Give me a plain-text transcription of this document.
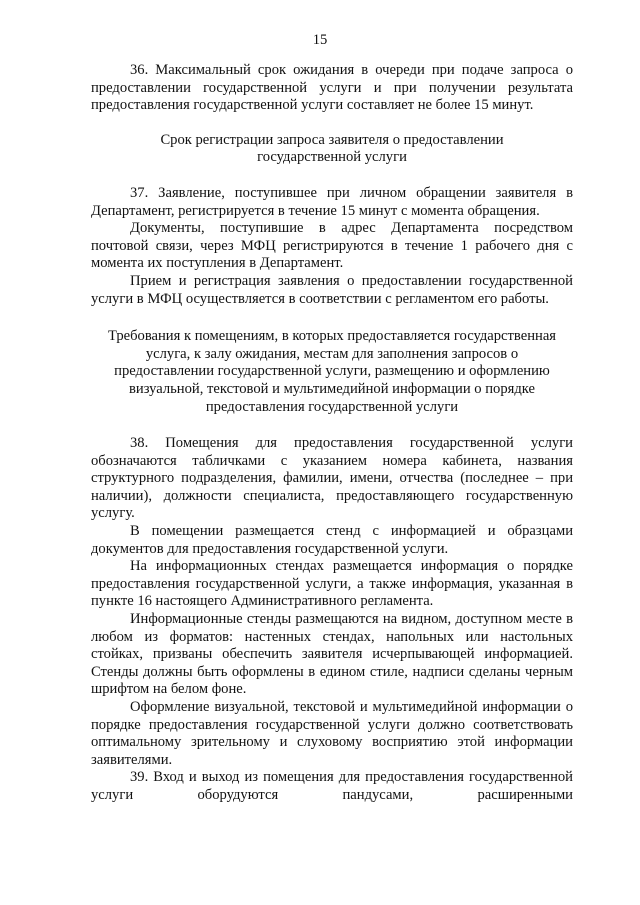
15

36. Максимальный срок ожидания в очереди при подаче запроса о предоставлении государственной услуги и при получении результата предоставления государственной услуги составляет не более 15 минут.

Срок регистрации запроса заявителя о предоставлении государственной услуги

37. Заявление, поступившее при личном обращении заявителя в Департамент, регистрируется в течение 15 минут с момента обращения.

Документы, поступившие в адрес Департамента посредством почтовой связи, через МФЦ регистрируются в течение 1 рабочего дня с момента их поступления в Департамент.

Прием и регистрация заявления о предоставлении государственной услуги в МФЦ осуществляется в соответствии с регламентом его работы.

Требования к помещениям, в которых предоставляется государственная услуга, к залу ожидания, местам для заполнения запросов о предоставлении государственной услуги, размещению и оформлению визуальной, текстовой и мультимедийной информации о порядке предоставления государственной услуги

38. Помещения для предоставления государственной услуги обозначаются табличками с указанием номера кабинета, названия структурного подразделения, фамилии, имени, отчества (последнее – при наличии), должности специалиста, предоставляющего государственную услугу.

В помещении размещается стенд с информацией и образцами документов для предоставления государственной услуги.

На информационных стендах размещается информация о порядке предоставления государственной услуги, а также информация, указанная в пункте 16 настоящего Административного регламента.

Информационные стенды размещаются на видном, доступном месте в любом из форматов: настенных стендах, напольных или настольных стойках, призваны обеспечить заявителя исчерпывающей информацией. Стенды должны быть оформлены в едином стиле, надписи сделаны черным шрифтом на белом фоне.

Оформление визуальной, текстовой и мультимедийной информации о порядке предоставления государственной услуги должно соответствовать оптимальному зрительному и слуховому восприятию этой информации заявителями.

39. Вход и выход из помещения для предоставления государственной услуги оборудуются пандусами, расширенными
